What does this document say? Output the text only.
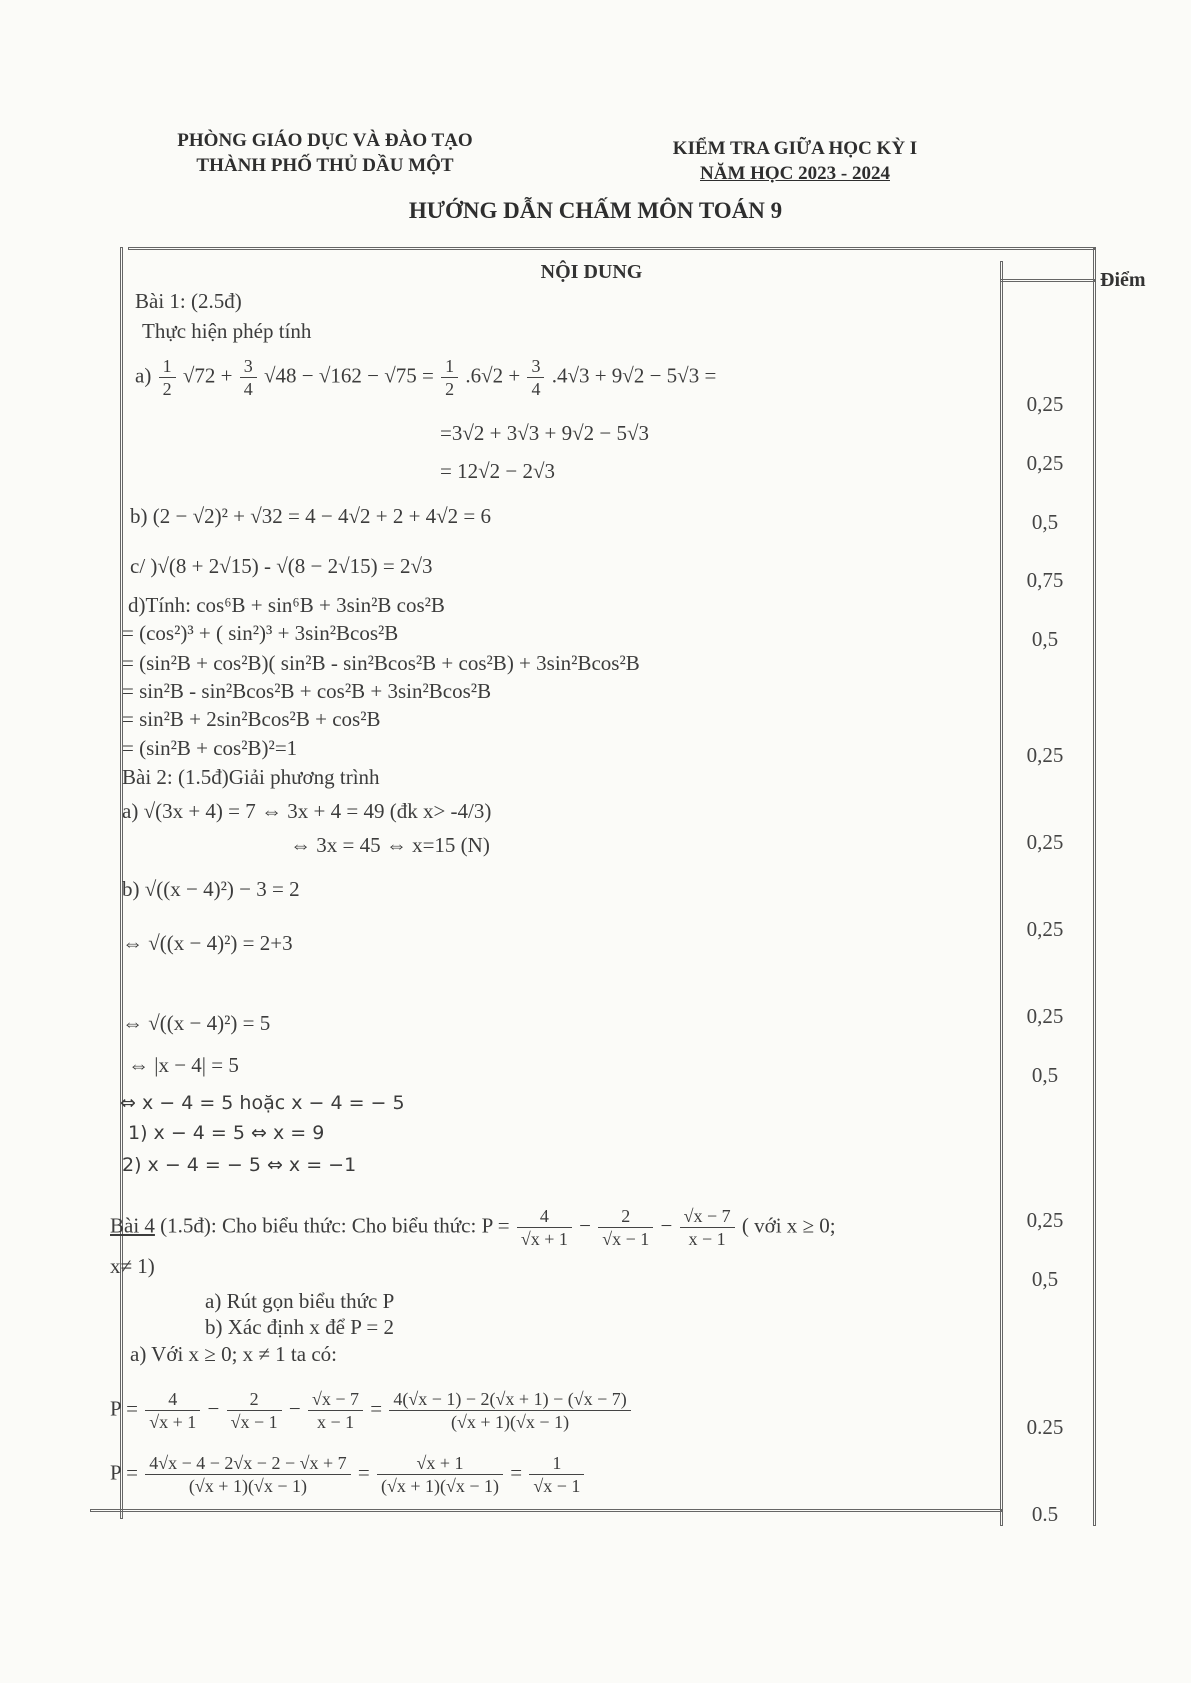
PHÒNG GIÁO DỤC VÀ ĐÀO TẠO
THÀNH PHỐ THỦ DẦU MỘT
KIỂM TRA GIỮA HỌC KỲ I
NĂM HỌC 2023 - 2024
HƯỚNG DẪN CHẤM MÔN TOÁN 9
NỘI DUNG	Điểm
Bài 1: (2.5đ)
Thực hiện phép tính
$a) \frac{1}{2} √72 + \frac{3}{4} √48 - √162 - √75 = \frac{1}{2} .6√2 + \frac{3}{4} .4√3 + 9√2 - 5√3$ =
=3√2 + 3√3 + 9√2 − 5√3
= 12√2 − 2√3
b) (2 − √2)² + √32 = 4 − 4√2 + 2 + 4√2 = 6
c/ )√(8 + 2√15) - √(8 − 2√15) = 2√3
d)Tính: cos⁶B + sin⁶B + 3sin²B cos²B
= (cos²)³ + ( sin²)³ + 3sin²Bcos²B
= (sin²B + cos²B)( sin²B - sin²Bcos²B + cos²B) + 3sin²Bcos²B
= sin²B - sin²Bcos²B + cos²B + 3sin²Bcos²B
= sin²B + 2sin²Bcos²B + cos²B
= (sin²B + cos²B)²=1
Bài 2: (1.5đ)Giải phương trình
a) √(3x + 4) = 7 ⇔ 3x + 4 = 49 (đk x> -4/3)
⇔ 3x = 45 ⇔ x=15 (N)
b) √((x − 4)²) − 3 = 2
⇔ √((x − 4)²) = 2+3
⇔ √((x − 4)²) = 5
⇔ |x − 4| = 5
⇔ x − 4 = 5 hoặc x − 4 = − 5
1) x − 4 = 5 ⇔ x = 9
2) x − 4 = − 5 ⇔ x = −1
Bài 4 (1.5đ): Cho biểu thức: Cho biểu thức: $P = \frac{4}{√x + 1} - \frac{2}{√x - 1} - \frac{√x - 7}{x - 1}$ ( với x ≥ 0;
x≠ 1)
a) Rút gọn biểu thức P
b) Xác định x để P = 2
a) Với x ≥ 0; x ≠ 1 ta có:
$P = \frac{4}{√x + 1} - \frac{2}{√x - 1} - \frac{√x - 7}{x - 1} = \frac{4(√x - 1) - 2(√x + 1) - (√x - 7)}{(√x + 1)(√x - 1)}$
$P = \frac{4√x - 4 - 2√x - 2 - √x + 7}{(√x + 1)(√x - 1)} = \frac{√x + 1}{(√x + 1)(√x - 1)} = \frac{1}{√x - 1}$
0,25
0,25
0,5
0,75
0,5
0,25
0,25
0,25
0,25
0,5
0,25
0,5
0.25
0.5
